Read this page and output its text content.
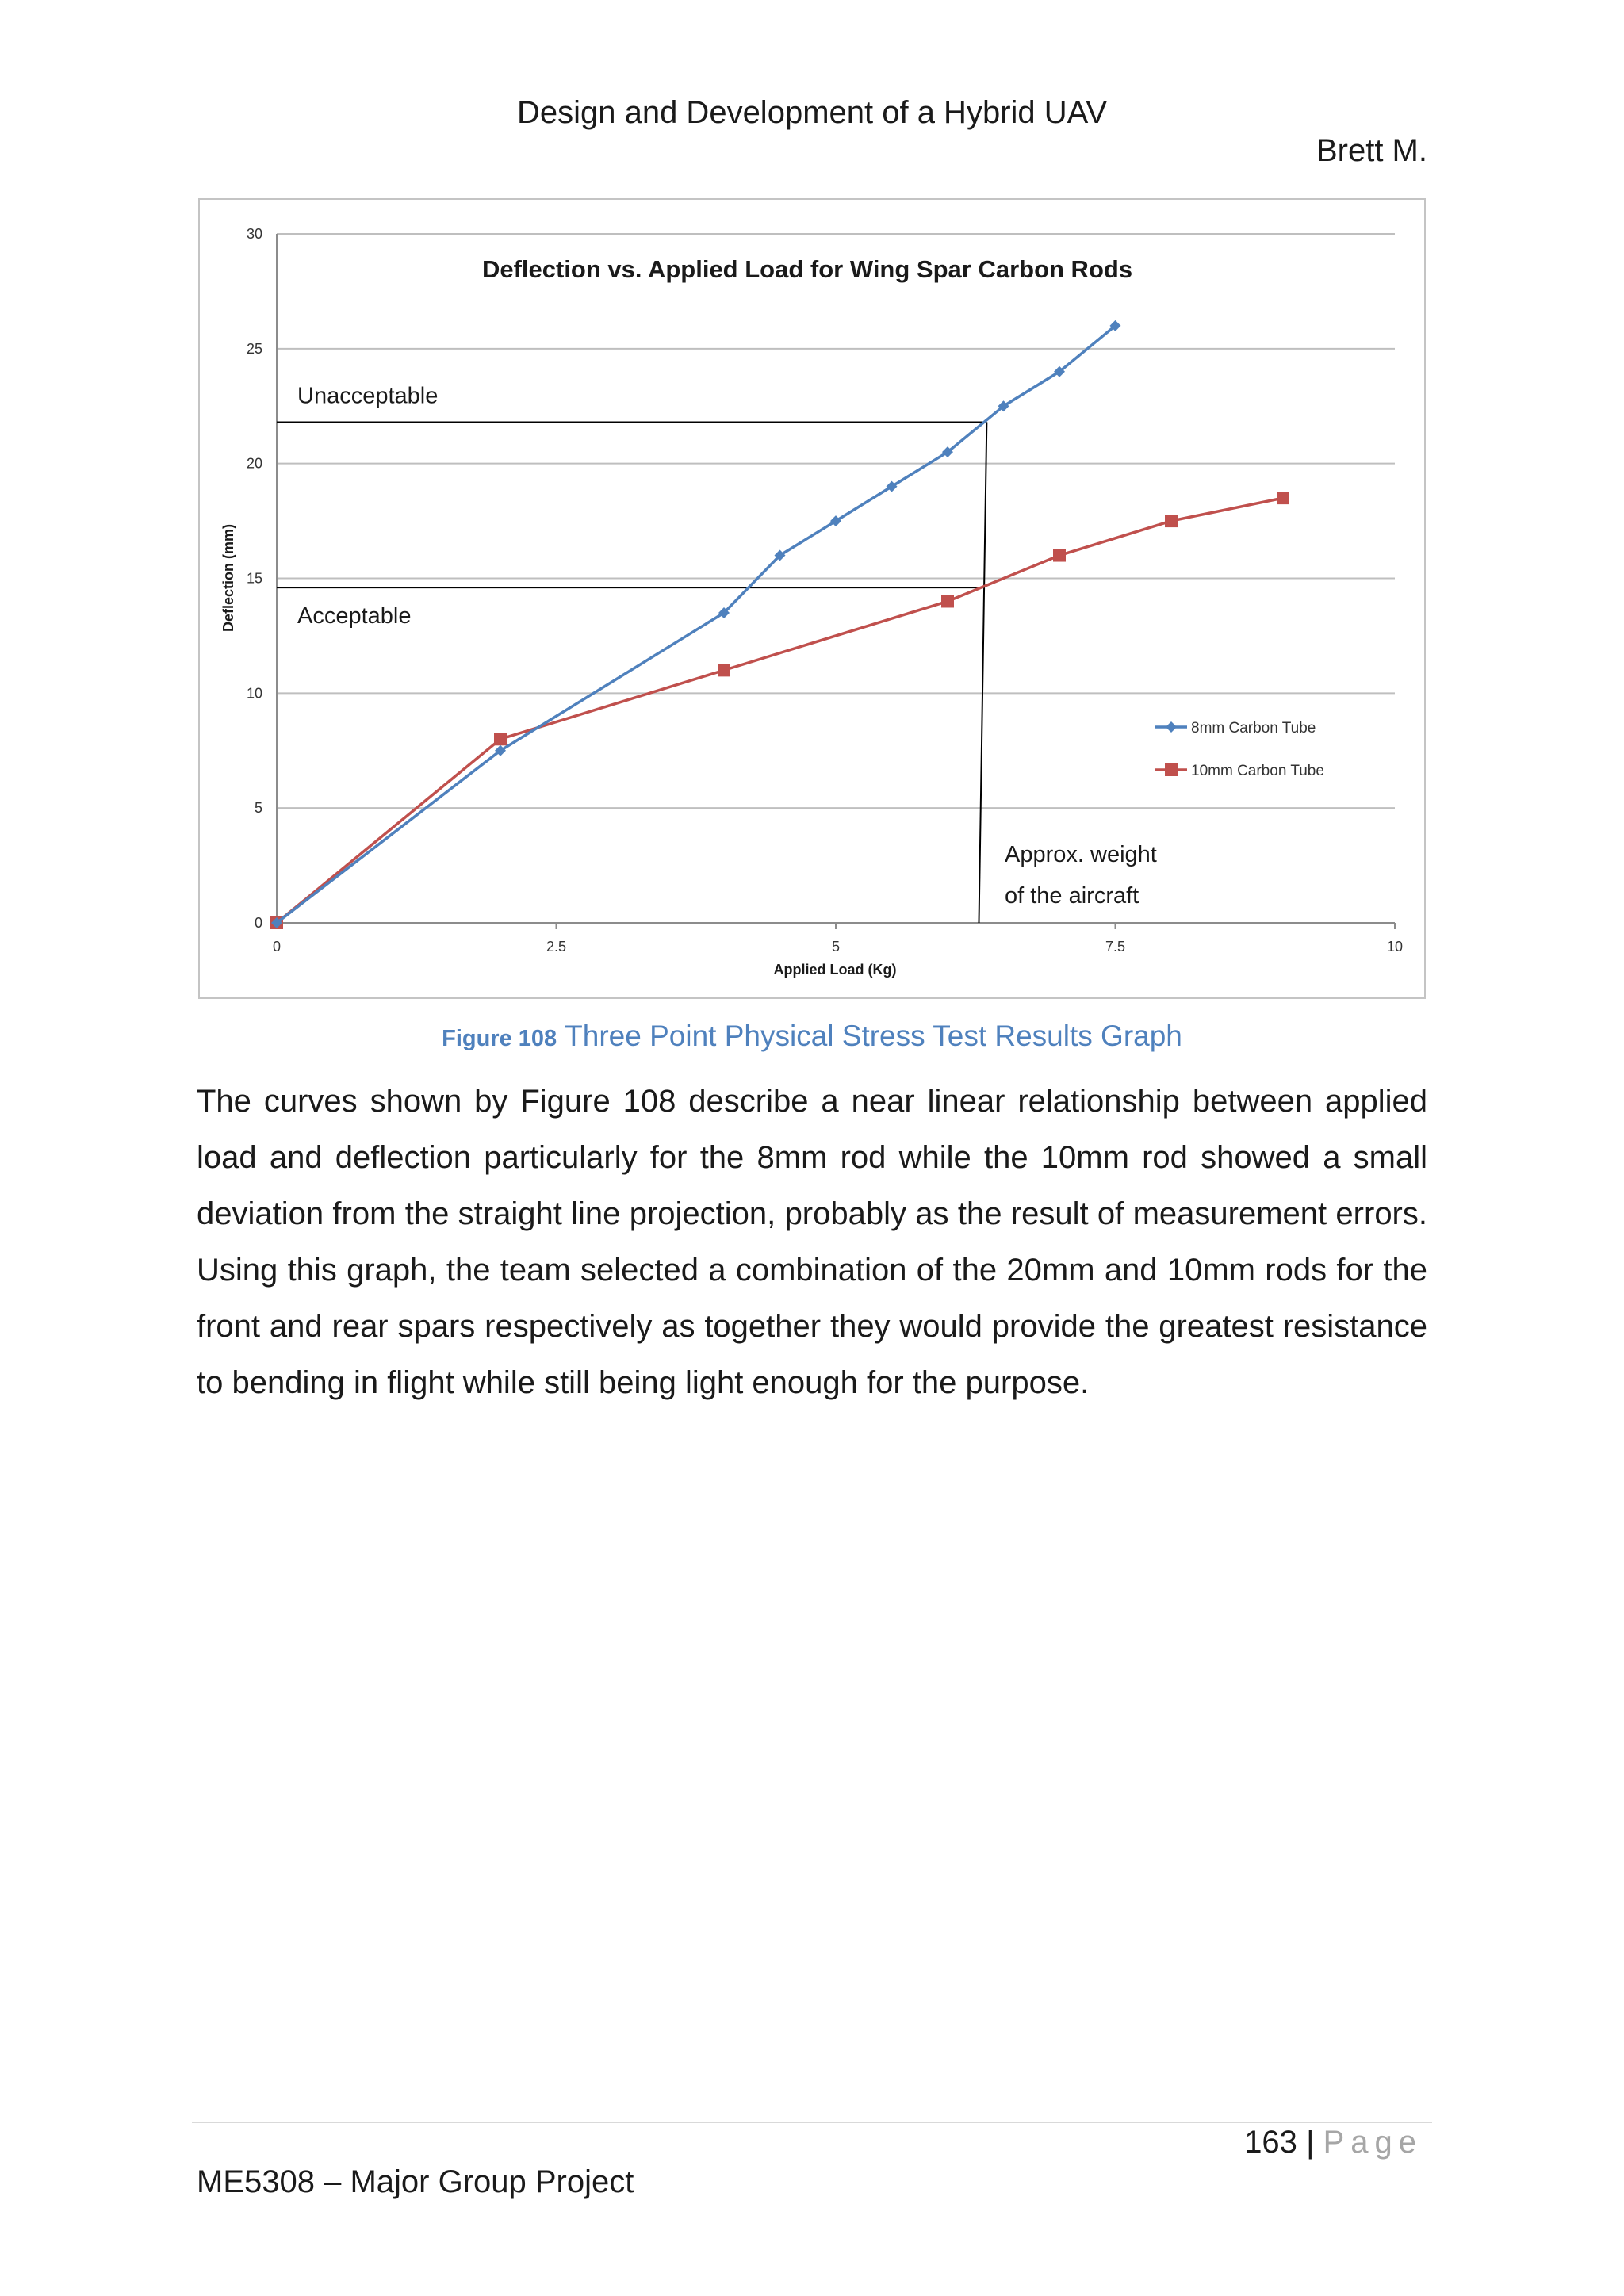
Design and Development of a Hybrid UAV
Brett M.
0
5
10
15
20
25
30
0	2.5	5	7.5	10
Deflection vs. Applied Load for Wing Spar Carbon Rods
Applied Load (Kg)
Deflection (mm)
Unacceptable
Acceptable
Approx. weight
of the aircraft
8mm Carbon Tube
10mm Carbon Tube
Figure 108 Three Point Physical Stress Test Results Graph
The curves shown by Figure 108 describe a near linear relationship between applied load and deflection particularly for the 8mm rod while the 10mm rod showed a small deviation from the straight line projection, probably as the result of measurement errors. Using this graph, the team selected a combination of the 20mm and 10mm rods for the front and rear spars respectively as together they would provide the greatest resistance to bending in flight while still being light enough for the purpose.
163 | Page
ME5308 – Major Group Project
